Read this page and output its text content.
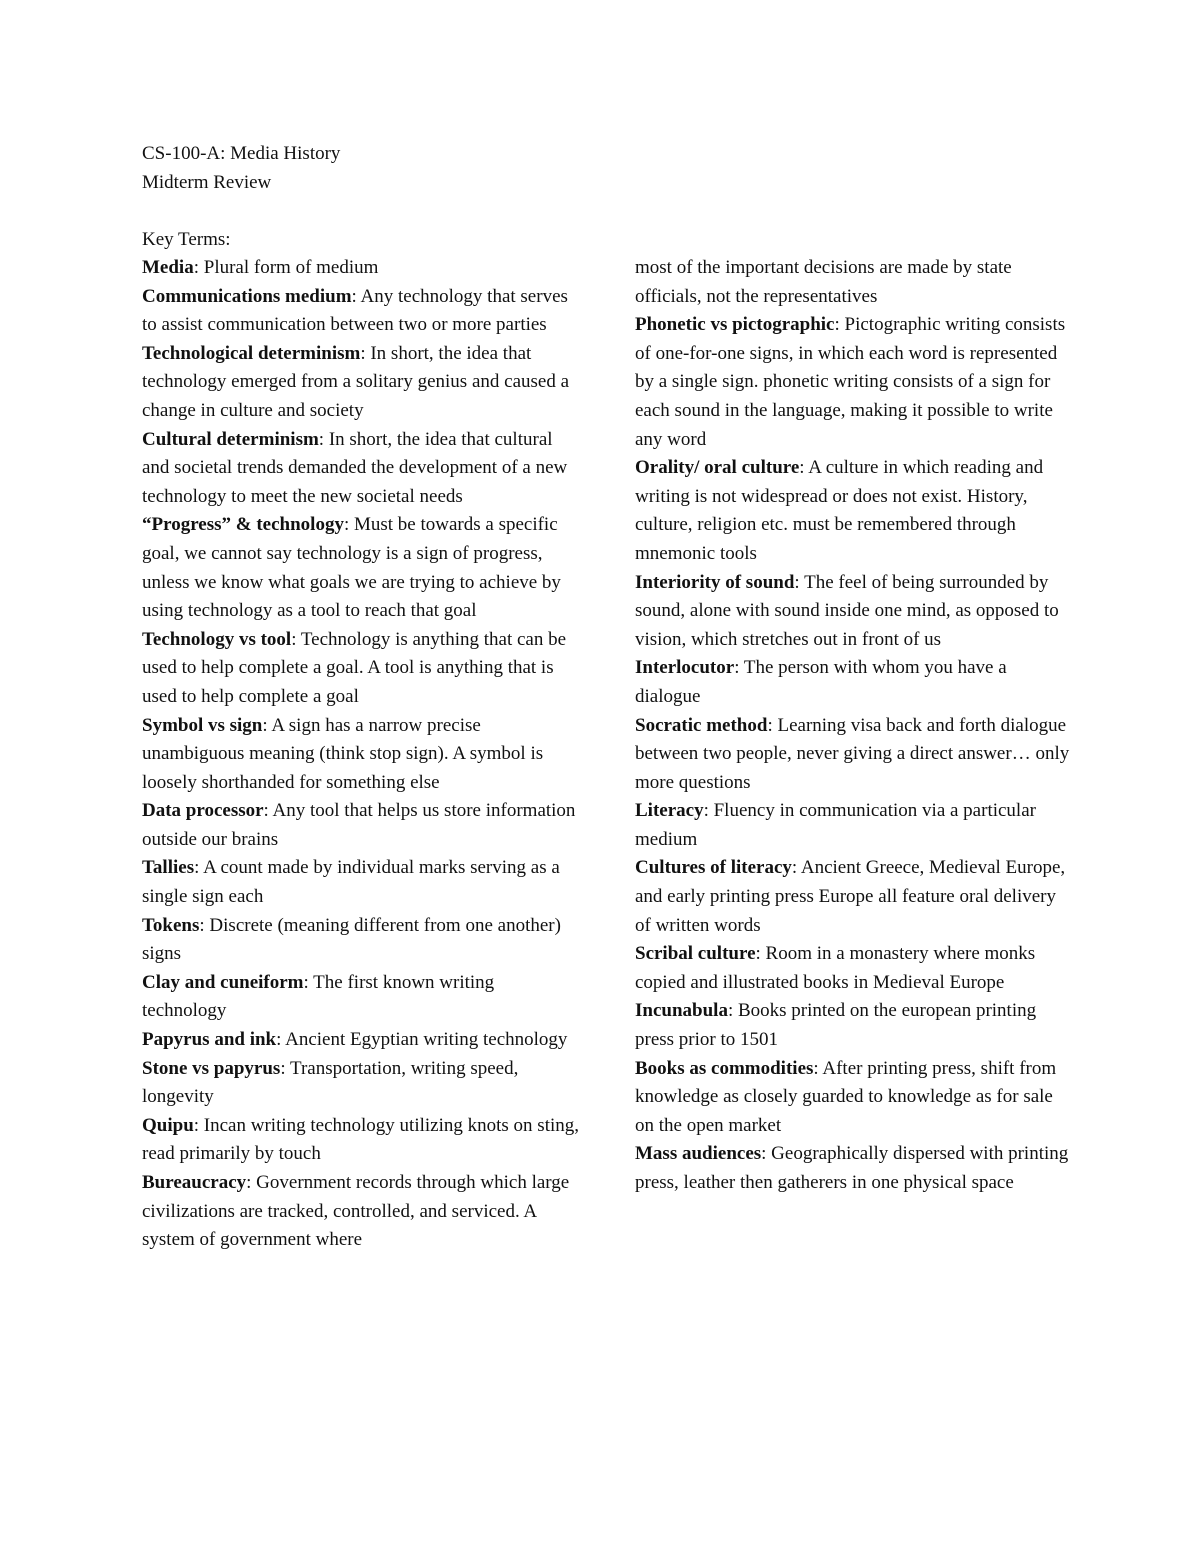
CS-100-A: Media History
Midterm Review
Key Terms:

Media: Plural form of medium

Communications medium: Any technology that serves to assist communication between two or more parties

Technological determinism: In short, the idea that technology emerged from a solitary genius and caused a change in culture and society

Cultural determinism: In short, the idea that cultural and societal trends demanded the development of a new technology to meet the new societal needs

“Progress” & technology: Must be towards a specific goal, we cannot say technology is a sign of progress, unless we know what goals we are trying to achieve by using technology as a tool to reach that goal

Technology vs tool: Technology is anything that can be used to help complete a goal. A tool is anything that is used to help complete a goal

Symbol vs sign: A sign has a narrow precise unambiguous meaning (think stop sign). A symbol is loosely shorthanded for something else

Data processor: Any tool that helps us store information outside our brains

Tallies: A count made by individual marks serving as a single sign each

Tokens: Discrete (meaning different from one another) signs

Clay and cuneiform: The first known writing technology

Papyrus and ink: Ancient Egyptian writing technology

Stone vs papyrus: Transportation, writing speed, longevity

Quipu: Incan writing technology utilizing knots on sting, read primarily by touch

Bureaucracy: Government records through which large civilizations are tracked, controlled, and serviced. A system of government where

most of the important decisions are made by state officials, not the representatives

Phonetic vs pictographic: Pictographic writing consists of one-for-one signs, in which each word is represented by a single sign. phonetic writing consists of a sign for each sound in the language, making it possible to write any word

Orality/ oral culture: A culture in which reading and writing is not widespread or does not exist. History, culture, religion etc. must be remembered through mnemonic tools

Interiority of sound: The feel of being surrounded by sound, alone with sound inside one mind, as opposed to vision, which stretches out in front of us

Interlocutor: The person with whom you have a dialogue

Socratic method: Learning visa back and forth dialogue between two people, never giving a direct answer… only more questions

Literacy: Fluency in communication via a particular medium

Cultures of literacy: Ancient Greece, Medieval Europe, and early printing press Europe all feature oral delivery of written words

Scribal culture: Room in a monastery where monks copied and illustrated books in Medieval Europe

Incunabula: Books printed on the european printing press prior to 1501

Books as commodities: After printing press, shift from knowledge as closely guarded to knowledge as for sale on the open market

Mass audiences: Geographically dispersed with printing press, leather then gatherers in one physical space
